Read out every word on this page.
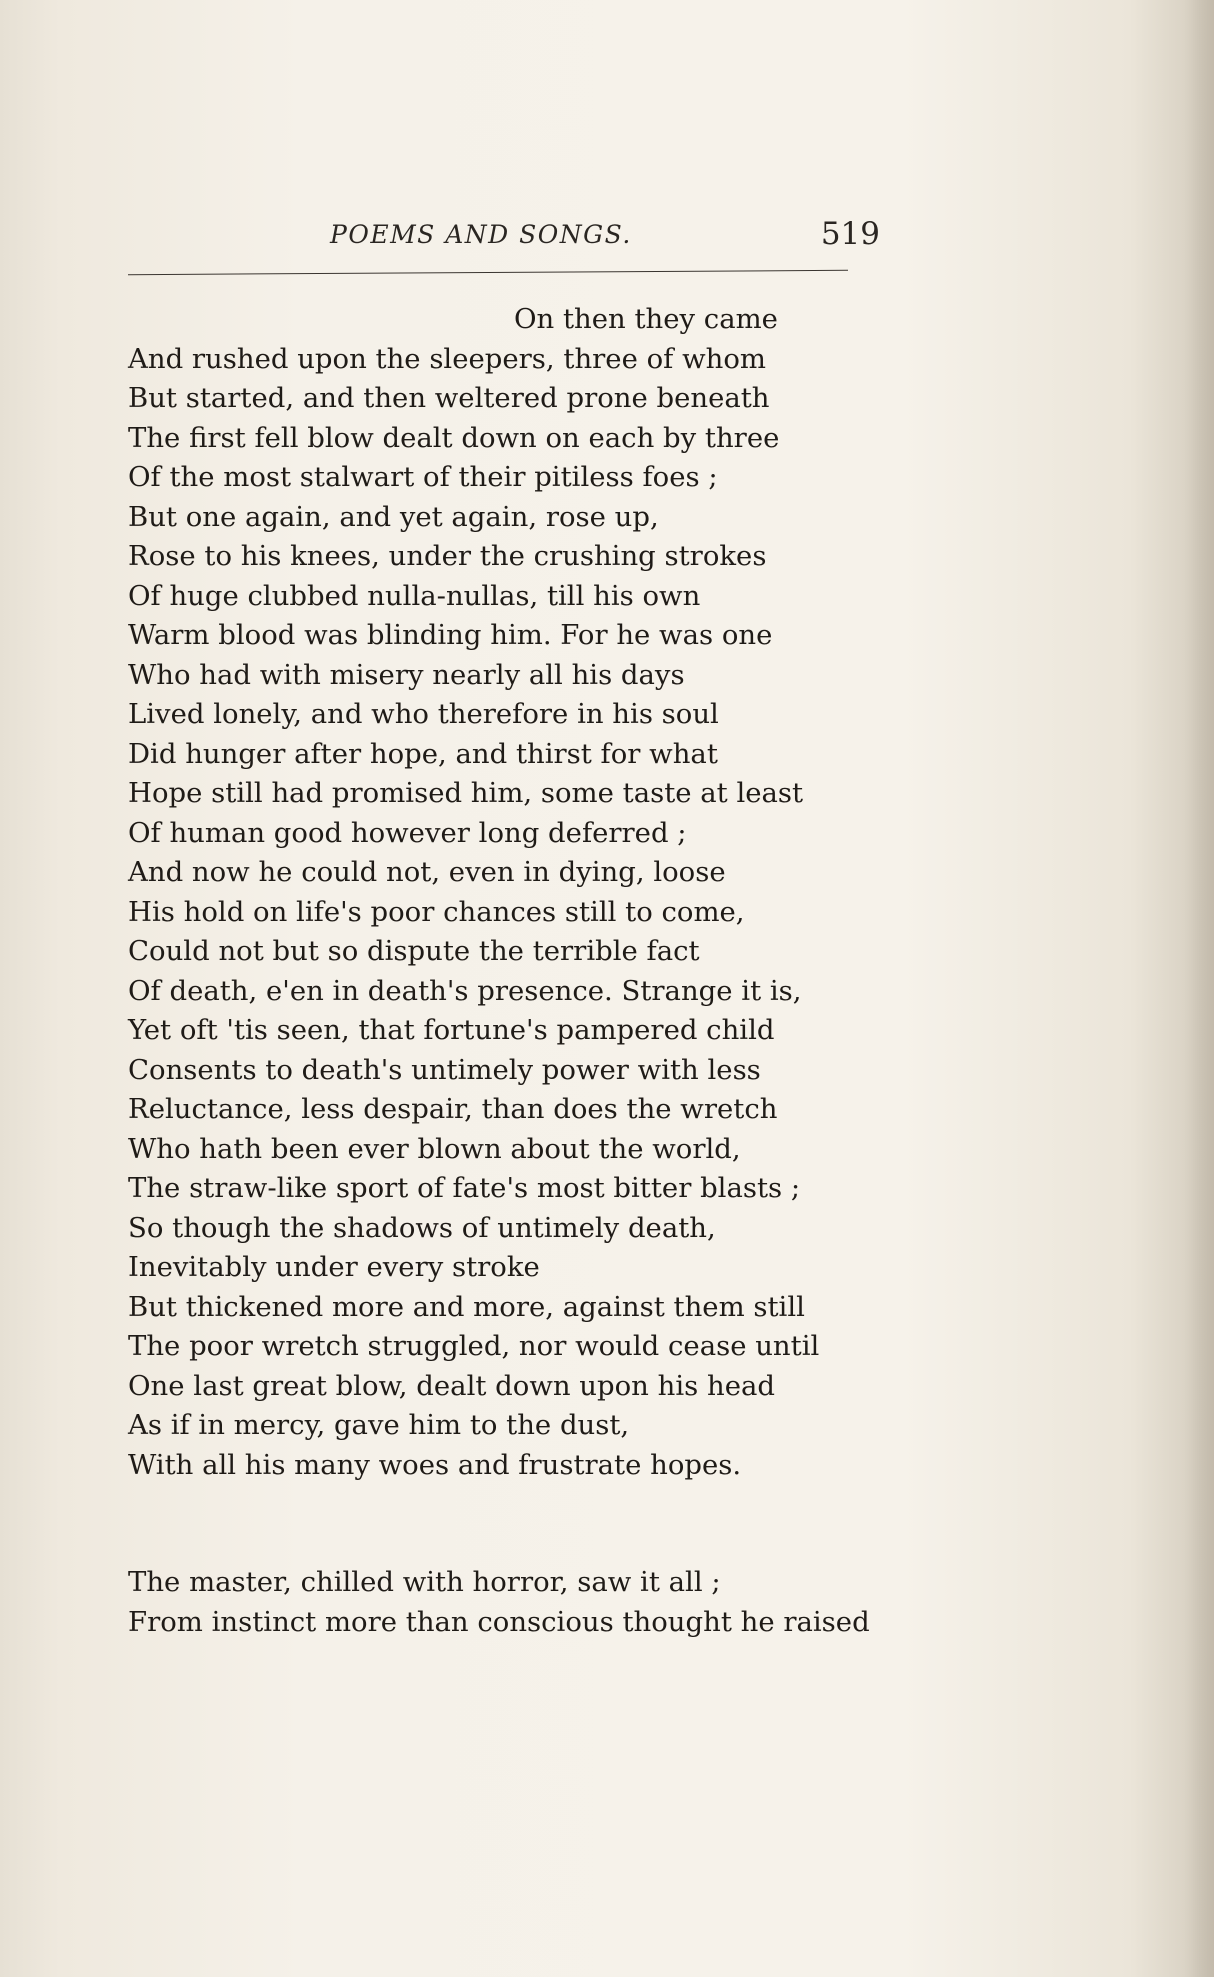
POEMS AND SONGS.	519
On then they came
And rushed upon the sleepers, three of whom
But started, and then weltered prone beneath
The first fell blow dealt down on each by three
Of the most stalwart of their pitiless foes ;
But one again, and yet again, rose up,
Rose to his knees, under the crushing strokes
Of huge clubbed nulla-nullas, till his own
Warm blood was blinding him. For he was one
Who had with misery nearly all his days
Lived lonely, and who therefore in his soul
Did hunger after hope, and thirst for what
Hope still had promised him, some taste at least
Of human good however long deferred ;
And now he could not, even in dying, loose
His hold on life's poor chances still to come,
Could not but so dispute the terrible fact
Of death, e'en in death's presence. Strange it is,
Yet oft 'tis seen, that fortune's pampered child
Consents to death's untimely power with less
Reluctance, less despair, than does the wretch
Who hath been ever blown about the world,
The straw-like sport of fate's most bitter blasts ;
So though the shadows of untimely death,
Inevitably under every stroke
But thickened more and more, against them still
The poor wretch struggled, nor would cease until
One last great blow, dealt down upon his head
As if in mercy, gave him to the dust,
With all his many woes and frustrate hopes.
The master, chilled with horror, saw it all ;
From instinct more than conscious thought he raised
